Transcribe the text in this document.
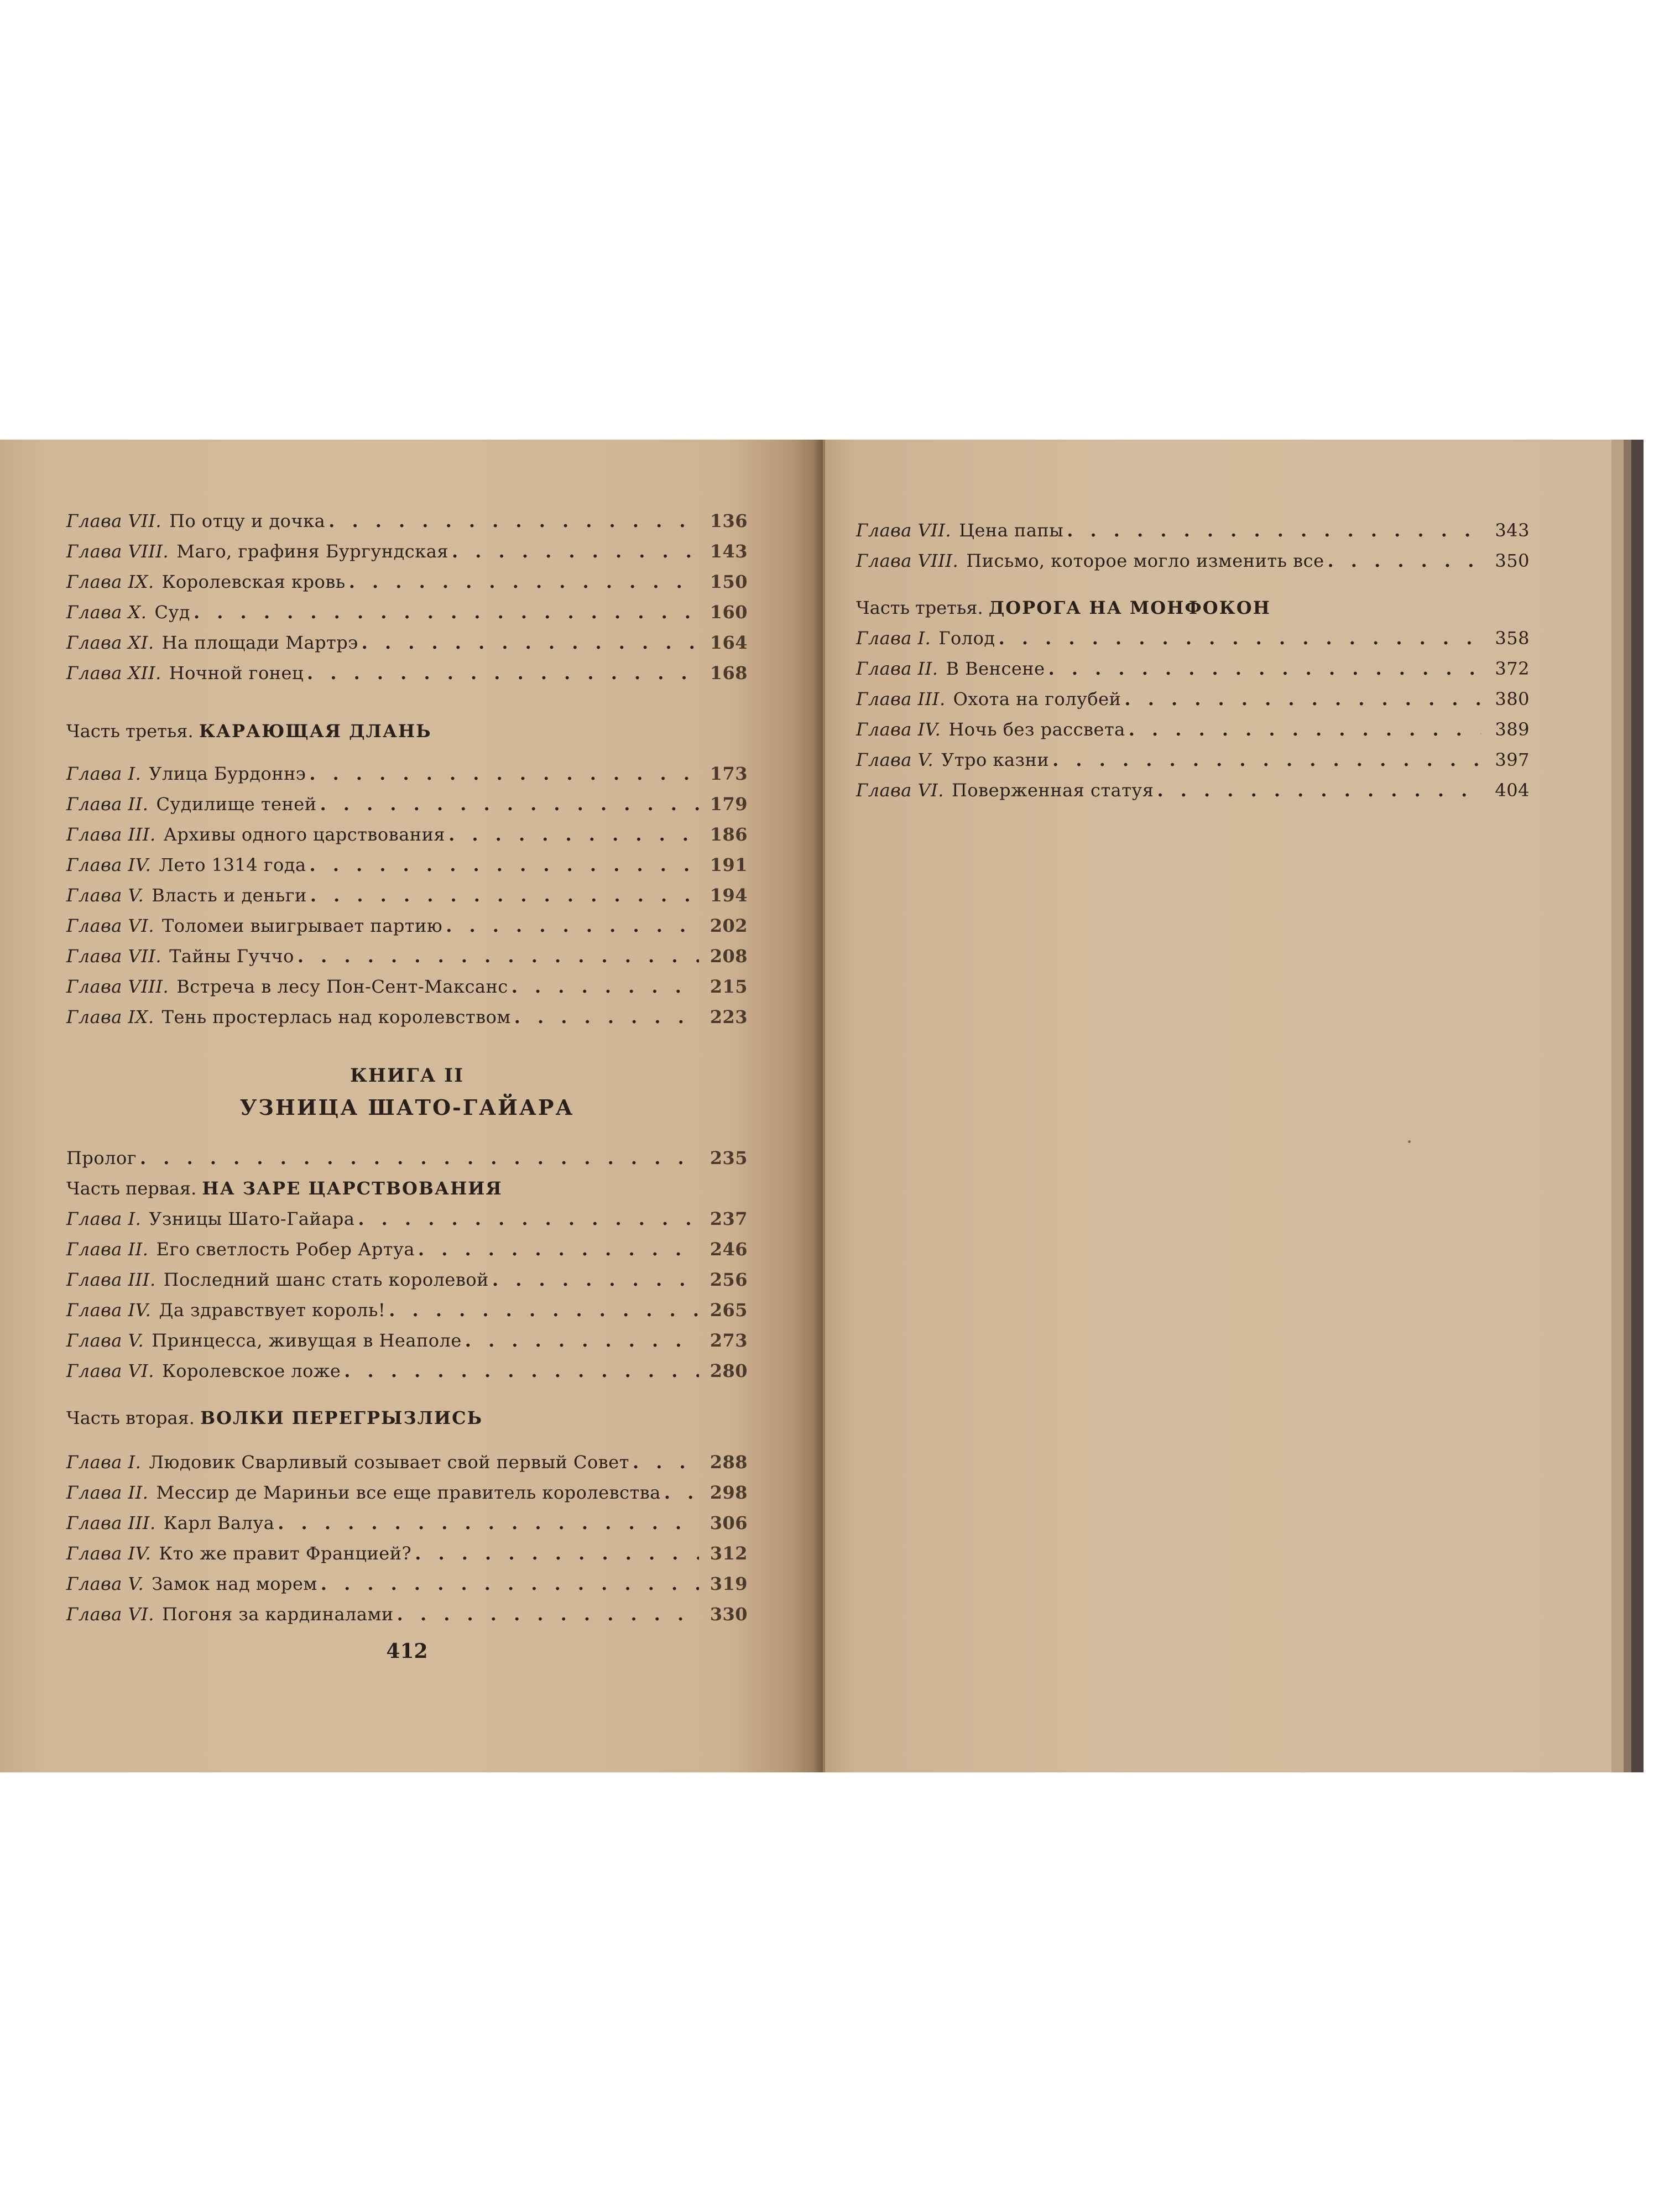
Глава VII. По отцу и дочка . . .	136
Глава VIII. Маго, графиня Бургундская . . .	143
Глава IX. Королевская кровь . . .	150
Глава X. Суд . . .	160
Глава XI. На площади Мартрэ . . .	164
Глава XII. Ночной гонец . . .	168
Часть третья. КАРАЮЩАЯ ДЛАНЬ
Глава I. Улица Бурдоннэ . . .	173
Глава II. Судилище теней . . .	179
Глава III. Архивы одного царствования . . .	186
Глава IV. Лето 1314 года . . .	191
Глава V. Власть и деньги . . .	194
Глава VI. Толомеи выигрывает партию . . .	202
Глава VII. Тайны Гуччо . . .	208
Глава VIII. Встреча в лесу Пон-Сент-Максанс . . .	215
Глава IX. Тень простерлась над королевством . . .	223
КНИГА II
УЗНИЦА ШАТО-ГАЙАРА
Пролог . . .	235
Часть первая. НА ЗАРЕ ЦАРСТВОВАНИЯ
Глава I. Узницы Шато-Гайара . . .	237
Глава II. Его светлость Робер Артуа . . .	246
Глава III. Последний шанс стать королевой . . .	256
Глава IV. Да здравствует король! . . .	265
Глава V. Принцесса, живущая в Неаполе . . .	273
Глава VI. Королевское ложе . . .	280
Часть вторая. ВОЛКИ ПЕРЕГРЫЗЛИСЬ
Глава I. Людовик Сварливый созывает свой первый Совет . . .	288
Глава II. Мессир де Мариньи все еще правитель королевства . . .	298
Глава III. Карл Валуа . . .	306
Глава IV. Кто же правит Францией? . . .	312
Глава V. Замок над морем . . .	319
Глава VI. Погоня за кардиналами . . .	330
412
Глава VII. Цена папы . . .	343
Глава VIII. Письмо, которое могло изменить все . . .	350
Часть третья. ДОРОГА НА МОНФОКОН
Глава I. Голод . . .	358
Глава II. В Венсене . . .	372
Глава III. Охота на голубей . . .	380
Глава IV. Ночь без рассвета . . .	389
Глава V. Утро казни . . .	397
Глава VI. Поверженная статуя . . .	404
